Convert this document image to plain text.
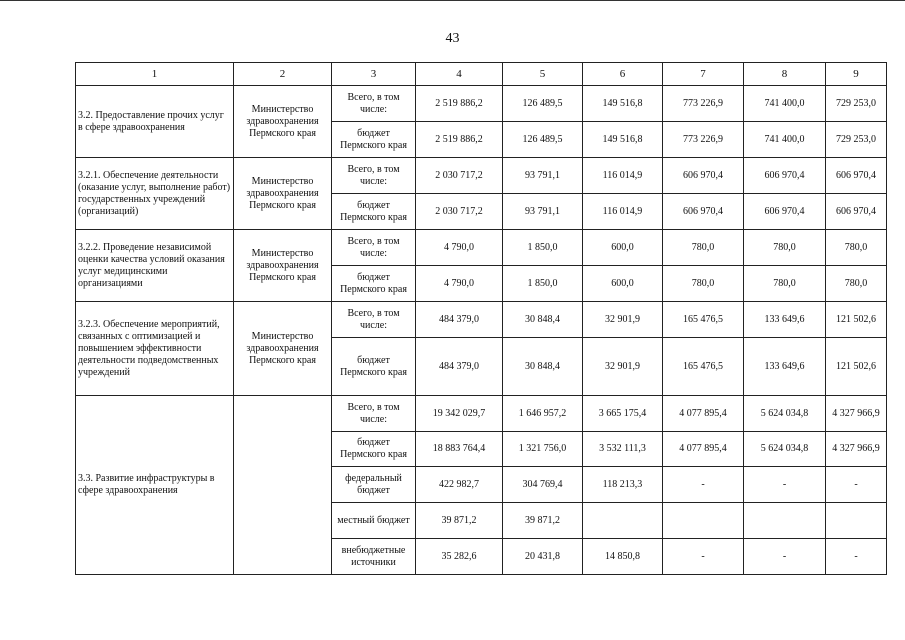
43
1	2	3	4	5	6	7	8	9
3.2. Предоставление прочих услуг в сфере здравоохранения	Министерство здравоохранения Пермского края	Всего, в том числе:	2 519 886,2	126 489,5	149 516,8	773 226,9	741 400,0	729 253,0
		бюджет Пермского края	2 519 886,2	126 489,5	149 516,8	773 226,9	741 400,0	729 253,0
3.2.1. Обеспечение деятельности (оказание услуг, выполнение работ) государственных учреждений (организаций)	Министерство здравоохранения Пермского края	Всего, в том числе:	2 030 717,2	93 791,1	116 014,9	606 970,4	606 970,4	606 970,4
		бюджет Пермского края	2 030 717,2	93 791,1	116 014,9	606 970,4	606 970,4	606 970,4
3.2.2. Проведение независимой оценки качества условий оказания услуг медицинскими организациями	Министерство здравоохранения Пермского края	Всего, в том числе:	4 790,0	1 850,0	600,0	780,0	780,0	780,0
		бюджет Пермского края	4 790,0	1 850,0	600,0	780,0	780,0	780,0
3.2.3. Обеспечение мероприятий, связанных с оптимизацией и повышением эффективности деятельности подведомственных учреждений	Министерство здравоохранения Пермского края	Всего, в том числе:	484 379,0	30 848,4	32 901,9	165 476,5	133 649,6	121 502,6
		бюджет Пермского края	484 379,0	30 848,4	32 901,9	165 476,5	133 649,6	121 502,6
3.3. Развитие инфраструктуры в сфере здравоохранения		Всего, в том числе:	19 342 029,7	1 646 957,2	3 665 175,4	4 077 895,4	5 624 034,8	4 327 966,9
		бюджет Пермского края	18 883 764,4	1 321 756,0	3 532 111,3	4 077 895,4	5 624 034,8	4 327 966,9
		федеральный бюджет	422 982,7	304 769,4	118 213,3	-	-	-
		местный бюджет	39 871,2	39 871,2				
		внебюджетные источники	35 282,6	20 431,8	14 850,8	-	-	-
